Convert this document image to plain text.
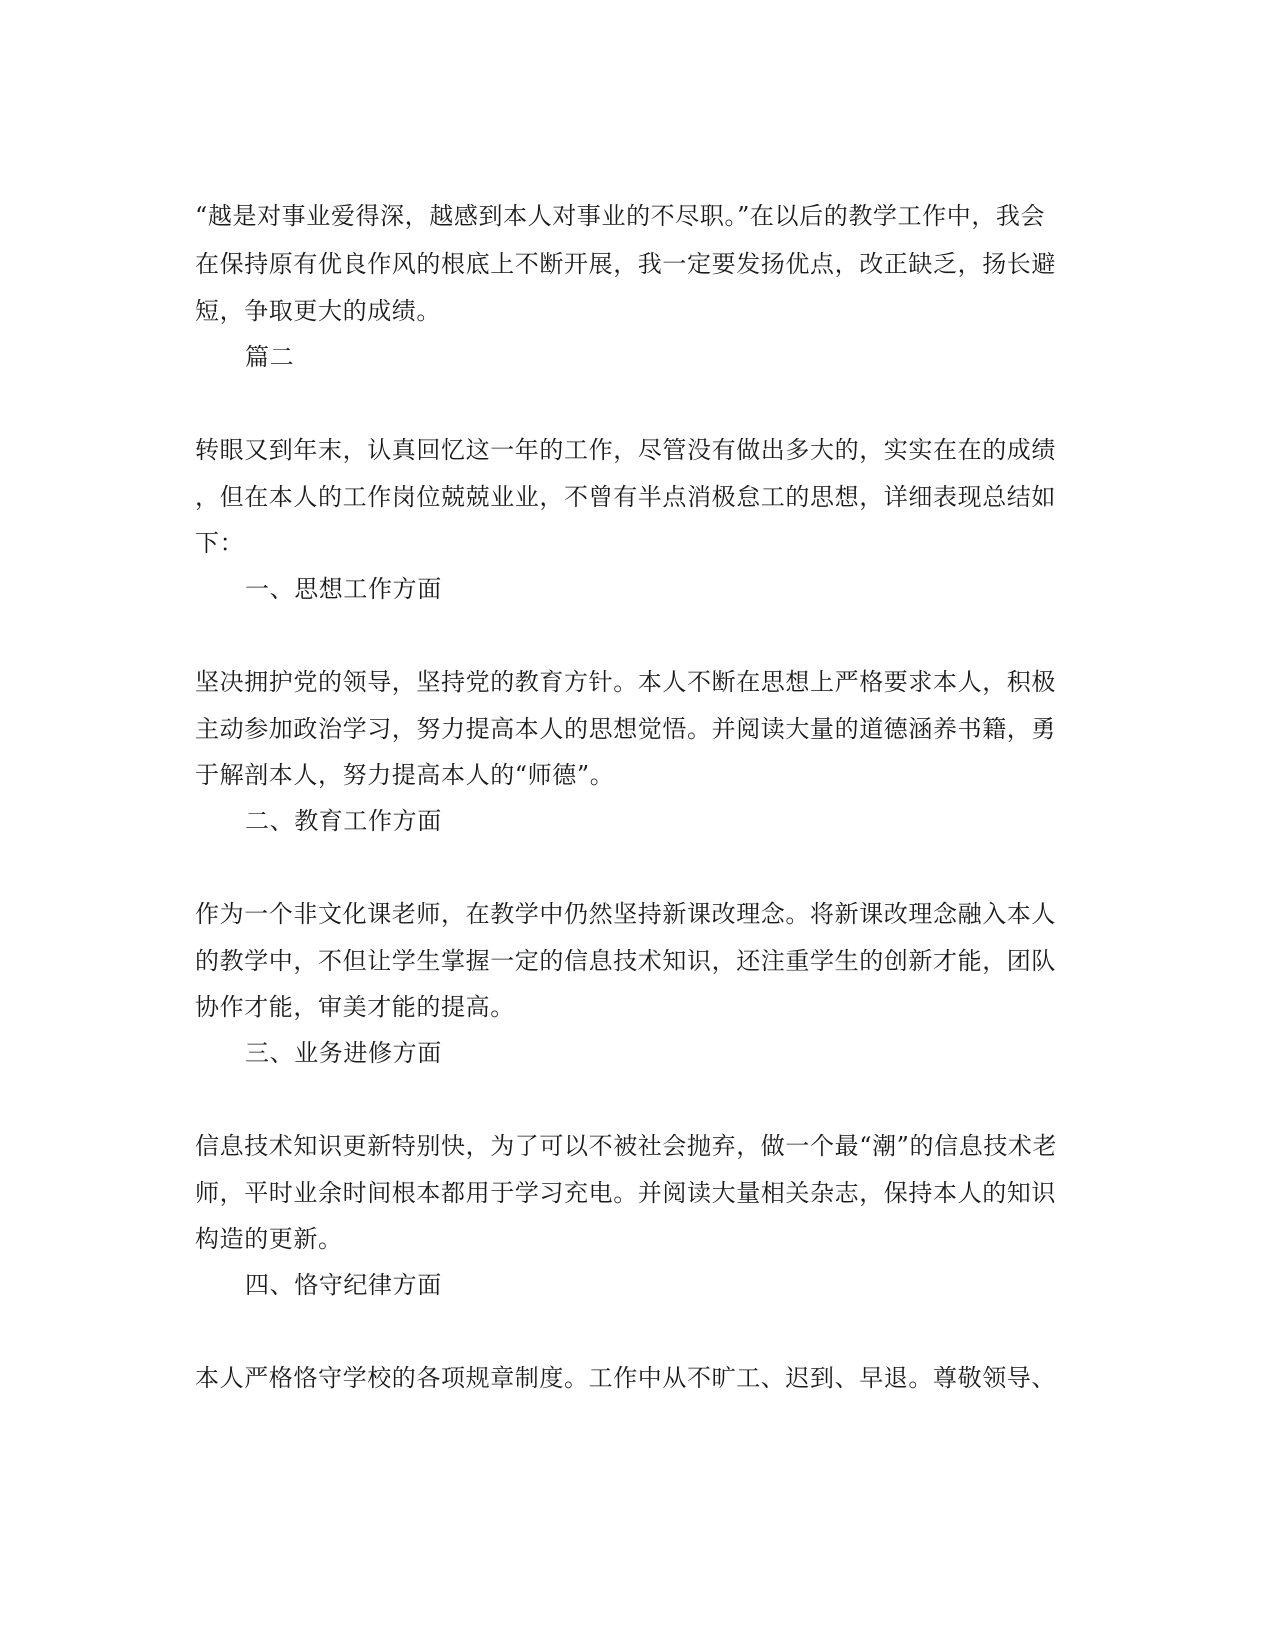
“越是对事业爱得深，越感到本人对事业的不尽职。”在以后的教学工作中，我会
在保持原有优良作风的根底上不断开展，我一定要发扬优点，改正缺乏，扬长避
短，争取更大的成绩。
篇二
转眼又到年末，认真回忆这一年的工作，尽管没有做出多大的，实实在在的成绩
，但在本人的工作岗位兢兢业业，不曾有半点消极怠工的思想，详细表现总结如
下：
一、思想工作方面
坚决拥护党的领导，坚持党的教育方针。本人不断在思想上严格要求本人，积极
主动参加政治学习，努力提高本人的思想觉悟。并阅读大量的道德涵养书籍，勇
于解剖本人，努力提高本人的“师德”。
二、教育工作方面
作为一个非文化课老师，在教学中仍然坚持新课改理念。将新课改理念融入本人
的教学中，不但让学生掌握一定的信息技术知识，还注重学生的创新才能，团队
协作才能，审美才能的提高。
三、业务进修方面
信息技术知识更新特别快，为了可以不被社会抛弃，做一个最“潮”的信息技术老
师，平时业余时间根本都用于学习充电。并阅读大量相关杂志，保持本人的知识
构造的更新。
四、恪守纪律方面
本人严格恪守学校的各项规章制度。工作中从不旷工、迟到、早退。尊敬领导、
